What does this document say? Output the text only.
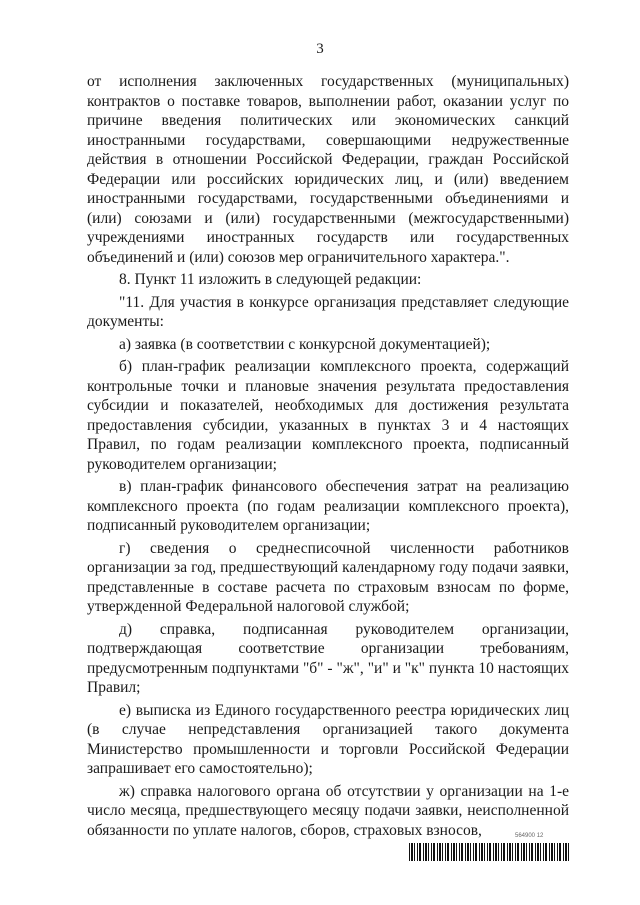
3

от исполнения заключенных государственных (муниципальных) контрактов о поставке товаров, выполнении работ, оказании услуг по причине введения политических или экономических санкций иностранными государствами, совершающими недружественные действия в отношении Российской Федерации, граждан Российской Федерации или российских юридических лиц, и (или) введением иностранными государствами, государственными объединениями и (или) союзами и (или) государственными (межгосударственными) учреждениями иностранных государств или государственных объединений и (или) союзов мер ограничительного характера.".

8. Пункт 11 изложить в следующей редакции:

"11. Для участия в конкурсе организация представляет следующие документы:

а) заявка (в соответствии с конкурсной документацией);

б) план-график реализации комплексного проекта, содержащий контрольные точки и плановые значения результата предоставления субсидии и показателей, необходимых для достижения результата предоставления субсидии, указанных в пунктах 3 и 4 настоящих Правил, по годам реализации комплексного проекта, подписанный руководителем организации;

в) план-график финансового обеспечения затрат на реализацию комплексного проекта (по годам реализации комплексного проекта), подписанный руководителем организации;

г) сведения о среднесписочной численности работников организации за год, предшествующий календарному году подачи заявки, представленные в составе расчета по страховым взносам по форме, утвержденной Федеральной налоговой службой;

д) справка, подписанная руководителем организации, подтверждающая соответствие организации требованиям, предусмотренным подпунктами "б" - "ж", "и" и "к" пункта 10 настоящих Правил;

е) выписка из Единого государственного реестра юридических лиц (в случае непредставления организацией такого документа Министерство промышленности и торговли Российской Федерации запрашивает его самостоятельно);

ж) справка налогового органа об отсутствии у организации на 1-е число месяца, предшествующего месяцу подачи заявки, неисполненной обязанности по уплате налогов, сборов, страховых взносов,	564900 12
